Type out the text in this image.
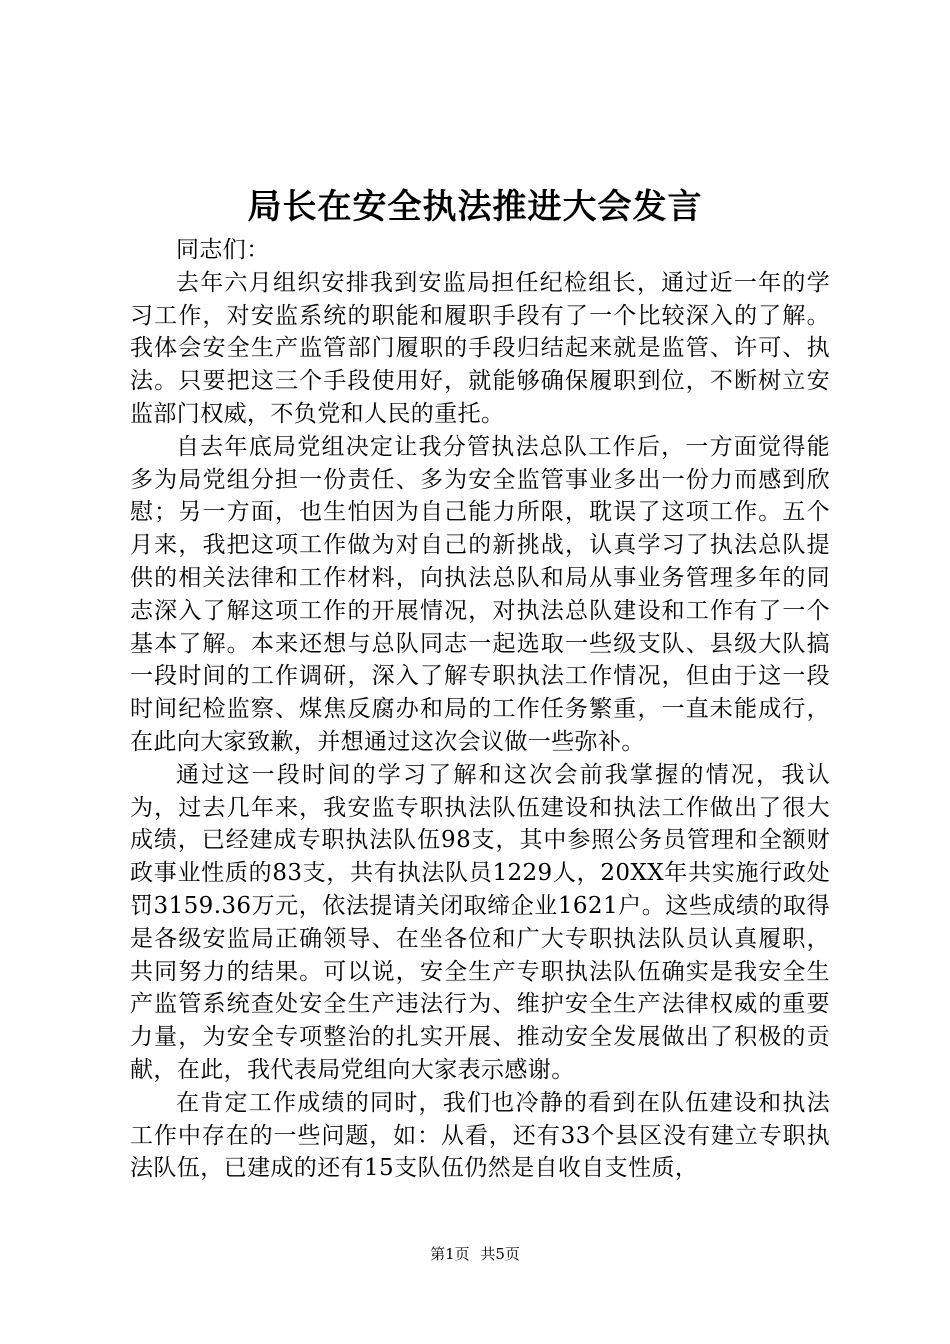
局长在安全执法推进大会发言

同志们：

去年六月组织安排我到安监局担任纪检组长，通过近一年的学习工作，对安监系统的职能和履职手段有了一个比较深入的了解。我体会安全生产监管部门履职的手段归结起来就是监管、许可、执法。只要把这三个手段使用好，就能够确保履职到位，不断树立安监部门权威，不负党和人民的重托。

自去年底局党组决定让我分管执法总队工作后，一方面觉得能多为局党组分担一份责任、多为安全监管事业多出一份力而感到欣慰；另一方面，也生怕因为自己能力所限，耽误了这项工作。五个月来，我把这项工作做为对自己的新挑战，认真学习了执法总队提供的相关法律和工作材料，向执法总队和局从事业务管理多年的同志深入了解这项工作的开展情况，对执法总队建设和工作有了一个基本了解。本来还想与总队同志一起选取一些级支队、县级大队搞一段时间的工作调研，深入了解专职执法工作情况，但由于这一段时间纪检监察、煤焦反腐办和局的工作任务繁重，一直未能成行，在此向大家致歉，并想通过这次会议做一些弥补。

通过这一段时间的学习了解和这次会前我掌握的情况，我认为，过去几年来，我安监专职执法队伍建设和执法工作做出了很大成绩，已经建成专职执法队伍98支，其中参照公务员管理和全额财政事业性质的83支，共有执法队员1229人，20XX年共实施行政处罚3159.36万元，依法提请关闭取缔企业1621户。这些成绩的取得是各级安监局正确领导、在坐各位和广大专职执法队员认真履职，共同努力的结果。可以说，安全生产专职执法队伍确实是我安全生产监管系统查处安全生产违法行为、维护安全生产法律权威的重要力量，为安全专项整治的扎实开展、推动安全发展做出了积极的贡献，在此，我代表局党组向大家表示感谢。

在肯定工作成绩的同时，我们也冷静的看到在队伍建设和执法工作中存在的一些问题，如：从看，还有33个县区没有建立专职执法队伍，已建成的还有15支队伍仍然是自收自支性质，

第1页 共5页
